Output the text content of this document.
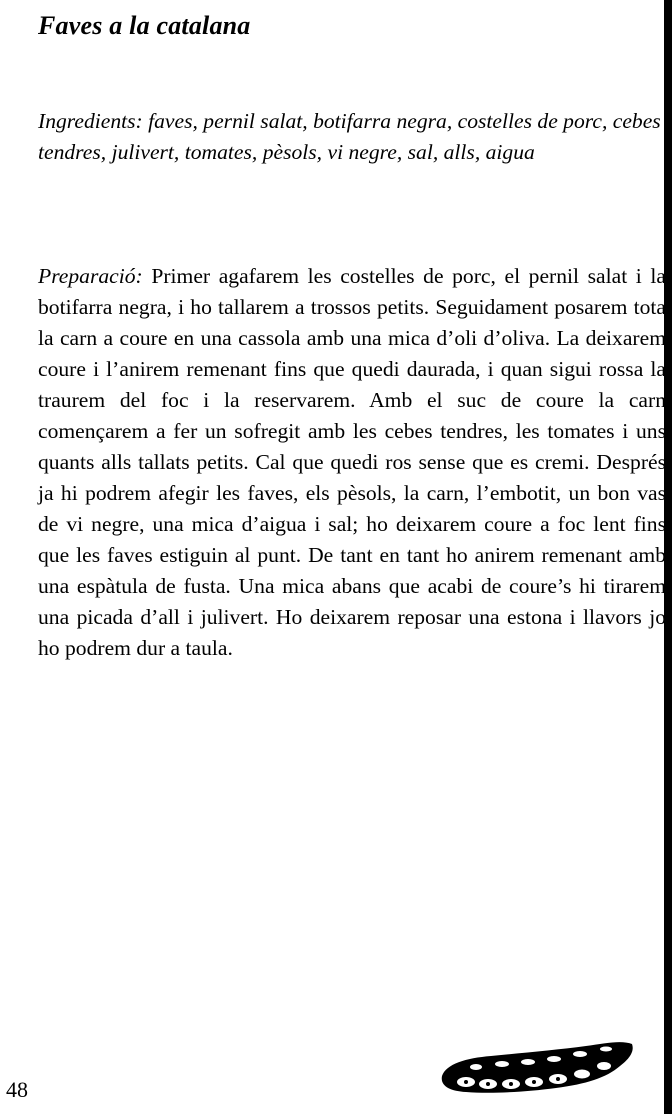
Faves a la catalana

Ingredients: faves, pernil salat, botifarra negra, costelles de porc, cebes tendres, julivert, tomates, pèsols, vi negre, sal, alls, aigua

Preparació: Primer agafarem les costelles de porc, el pernil salat i la botifarra negra, i ho tallarem a trossos petits. Seguidament posarem tota la carn a coure en una cassola amb una mica d’oli d’oliva. La deixarem coure i l’anirem remenant fins que quedi daurada, i quan sigui rossa la traurem del foc i la reservarem. Amb el suc de coure la carn començarem a fer un sofregit amb les cebes tendres, les tomates i uns quants alls tallats petits. Cal que quedi ros sense que es cremi. Després ja hi podrem afegir les faves, els pèsols, la carn, l’embotit, un bon vas de vi negre, una mica d’aigua i sal; ho deixarem coure a foc lent fins que les faves estiguin al punt. De tant en tant ho anirem remenant amb una espàtula de fusta. Una mica abans que acabi de coure’s hi tirarem una picada d’all i julivert. Ho deixarem reposar una estona i llavors jo ho podrem dur a taula.

48
